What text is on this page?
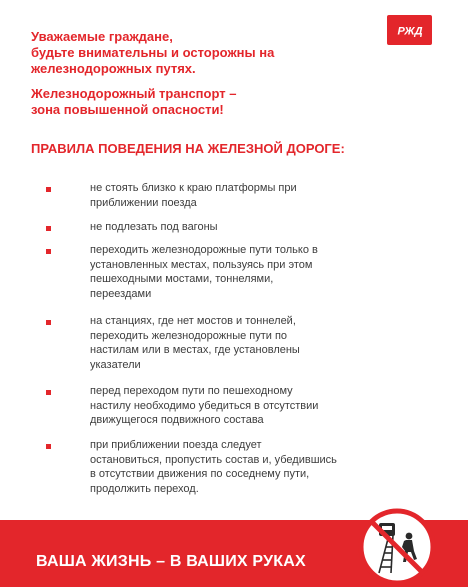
РЖД
Уважаемые граждане,
будьте внимательны и осторожны на
железнодорожных путях.
Железнодорожный транспорт –
зона повышенной опасности!
ПРАВИЛА ПОВЕДЕНИЯ НА ЖЕЛЕЗНОЙ ДОРОГЕ:
не стоять близко к краю платформы при
приближении поезда
не подлезать под вагоны
переходить железнодорожные пути только в
установленных местах, пользуясь при этом
пешеходными мостами, тоннелями,
переездами
на станциях, где нет мостов и тоннелей,
переходить железнодорожные пути по
настилам или в местах, где установлены
указатели
перед переходом пути по пешеходному
настилу необходимо убедиться в отсутствии
движущегося подвижного состава
при приближении поезда следует
остановиться, пропустить состав и, убедившись
в отсутствии движения по соседнему пути,
продолжить переход.
ВАША ЖИЗНЬ – В ВАШИХ РУКАХ
